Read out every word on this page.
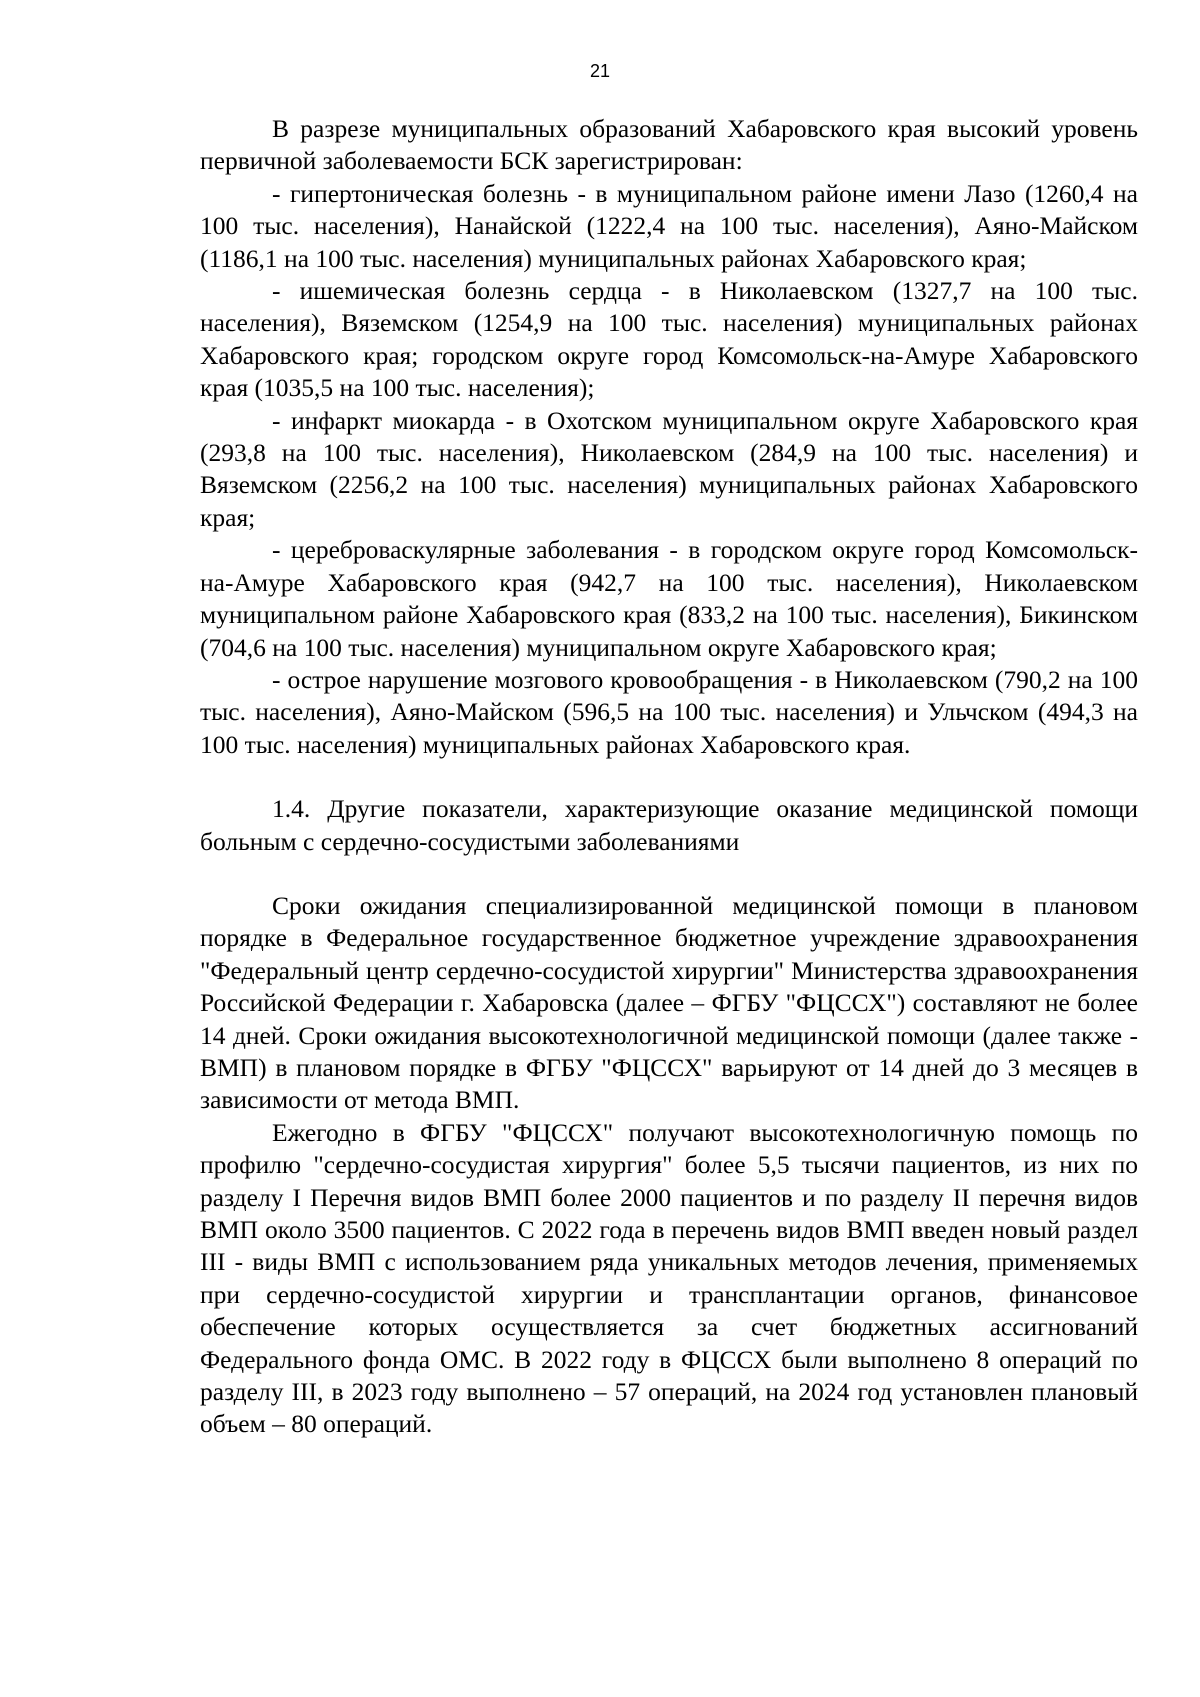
21

В разрезе муниципальных образований Хабаровского края высокий уровень первичной заболеваемости БСК зарегистрирован:

- гипертоническая болезнь - в муниципальном районе имени Лазо (1260,4 на 100 тыс. населения), Нанайской (1222,4 на 100 тыс. населения), Аяно-Майском (1186,1 на 100 тыс. населения) муниципальных районах Хабаровского края;

- ишемическая болезнь сердца - в Николаевском (1327,7 на 100 тыс. населения), Вяземском (1254,9 на 100 тыс. населения) муниципальных районах Хабаровского края; городском округе город Комсомольск-на-Амуре Хабаровского края (1035,5 на 100 тыс. населения);

- инфаркт миокарда - в Охотском муниципальном округе Хабаровского края (293,8 на 100 тыс. населения), Николаевском (284,9 на 100 тыс. населения) и Вяземском (2256,2 на 100 тыс. населения) муниципальных районах Хабаровского края;

- цереброваскулярные заболевания - в городском округе город Комсомольск-на-Амуре Хабаровского края (942,7 на 100 тыс. населения), Николаевском муниципальном районе Хабаровского края (833,2 на 100 тыс. населения), Бикинском (704,6 на 100 тыс. населения) муниципальном округе Хабаровского края;

- острое нарушение мозгового кровообращения - в Николаевском (790,2 на 100 тыс. населения), Аяно-Майском (596,5 на 100 тыс. населения) и Ульчском (494,3 на 100 тыс. населения) муниципальных районах Хабаровского края.

1.4. Другие показатели, характеризующие оказание медицинской помощи больным с сердечно-сосудистыми заболеваниями

Сроки ожидания специализированной медицинской помощи в плановом порядке в Федеральное государственное бюджетное учреждение здравоохранения "Федеральный центр сердечно-сосудистой хирургии" Министерства здравоохранения Российской Федерации г. Хабаровска (далее – ФГБУ "ФЦССХ") составляют не более 14 дней. Сроки ожидания высокотехнологичной медицинской помощи (далее также - ВМП) в плановом порядке в ФГБУ "ФЦССХ" варьируют от 14 дней до 3 месяцев в зависимости от метода ВМП.

Ежегодно в ФГБУ "ФЦССХ" получают высокотехнологичную помощь по профилю "сердечно-сосудистая хирургия" более 5,5 тысячи пациентов, из них по разделу I Перечня видов ВМП более 2000 пациентов и по разделу II перечня видов ВМП около 3500 пациентов. С 2022 года в перечень видов ВМП введен новый раздел III - виды ВМП с использованием ряда уникальных методов лечения, применяемых при сердечно-сосудистой хирургии и трансплантации органов, финансовое обеспечение которых осуществляется за счет бюджетных ассигнований Федерального фонда ОМС. В 2022 году в ФЦССХ были выполнено 8 операций по разделу III, в 2023 году выполнено – 57 операций, на 2024 год установлен плановый объем – 80 операций.
